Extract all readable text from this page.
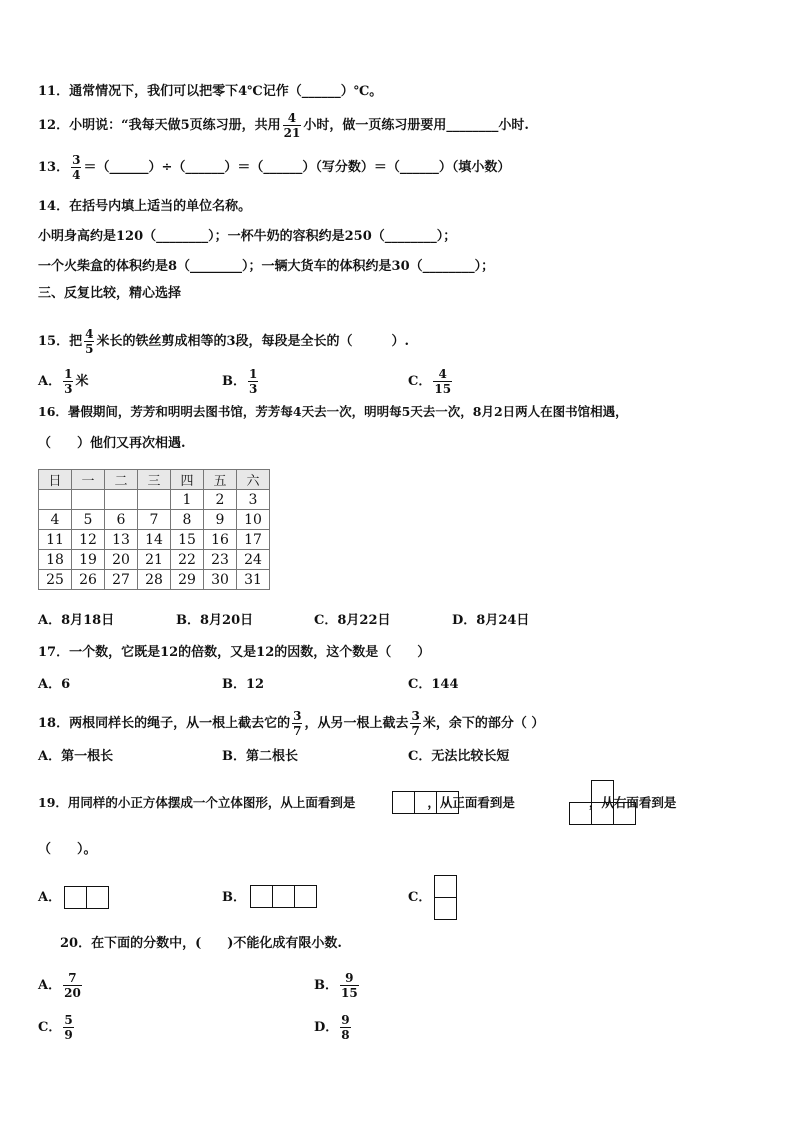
11．通常情况下，我们可以把零下4℃记作（______）℃。
12．小明说：“我每天做5页练习册，共用 $\frac{4}{21}$ 小时，做一页练习册要用________小时.
13． $\frac{3}{4}$ ＝（______）÷（______）＝（______）（写分数）＝（______）（填小数）
14．在括号内填上适当的单位名称。
小明身高约是120（________）；一杯牛奶的容积约是250（________）；
一个火柴盒的体积约是8（________）；一辆大货车的体积约是30（________）；
三、反复比较，精心选择
15．把 $\frac{4}{5}$ 米长的铁丝剪成相等的3段，每段是全长的（　　　）.
A． $\frac{1}{3}$ 米	B． $\frac{1}{3}$	C． $\frac{4}{15}$
16．暑假期间，芳芳和明明去图书馆，芳芳每4天去一次，明明每5天去一次，8月2日两人在图书馆相遇，
（　　）他们又再次相遇.
日	一	二	三	四	五	六
				1	2	3
4	5	6	7	8	9	10
11	12	13	14	15	16	17
18	19	20	21	22	23	24
25	26	27	28	29	30	31
A．8月18日	B．8月20日	C．8月22日	D．8月24日
17．一个数，它既是12的倍数，又是12的因数，这个数是（　　）
A．6	B．12	C．144
18．两根同样长的绳子，从一根上截去它的 $\frac{3}{7}$ ，从另一根上截去 $\frac{3}{7}$ 米，余下的部分（ ）
A．第一根长	B．第二根长	C．无法比较长短
19．用同样的小正方体摆成一个立体图形，从上面看到是	，从正面看到是	，从右面看到是
（　　）。
A．	B．	C．
20．在下面的分数中，(　　)不能化成有限小数.
A． $\frac{7}{20}$	B． $\frac{9}{15}$
C． $\frac{5}{9}$	D． $\frac{9}{8}$
